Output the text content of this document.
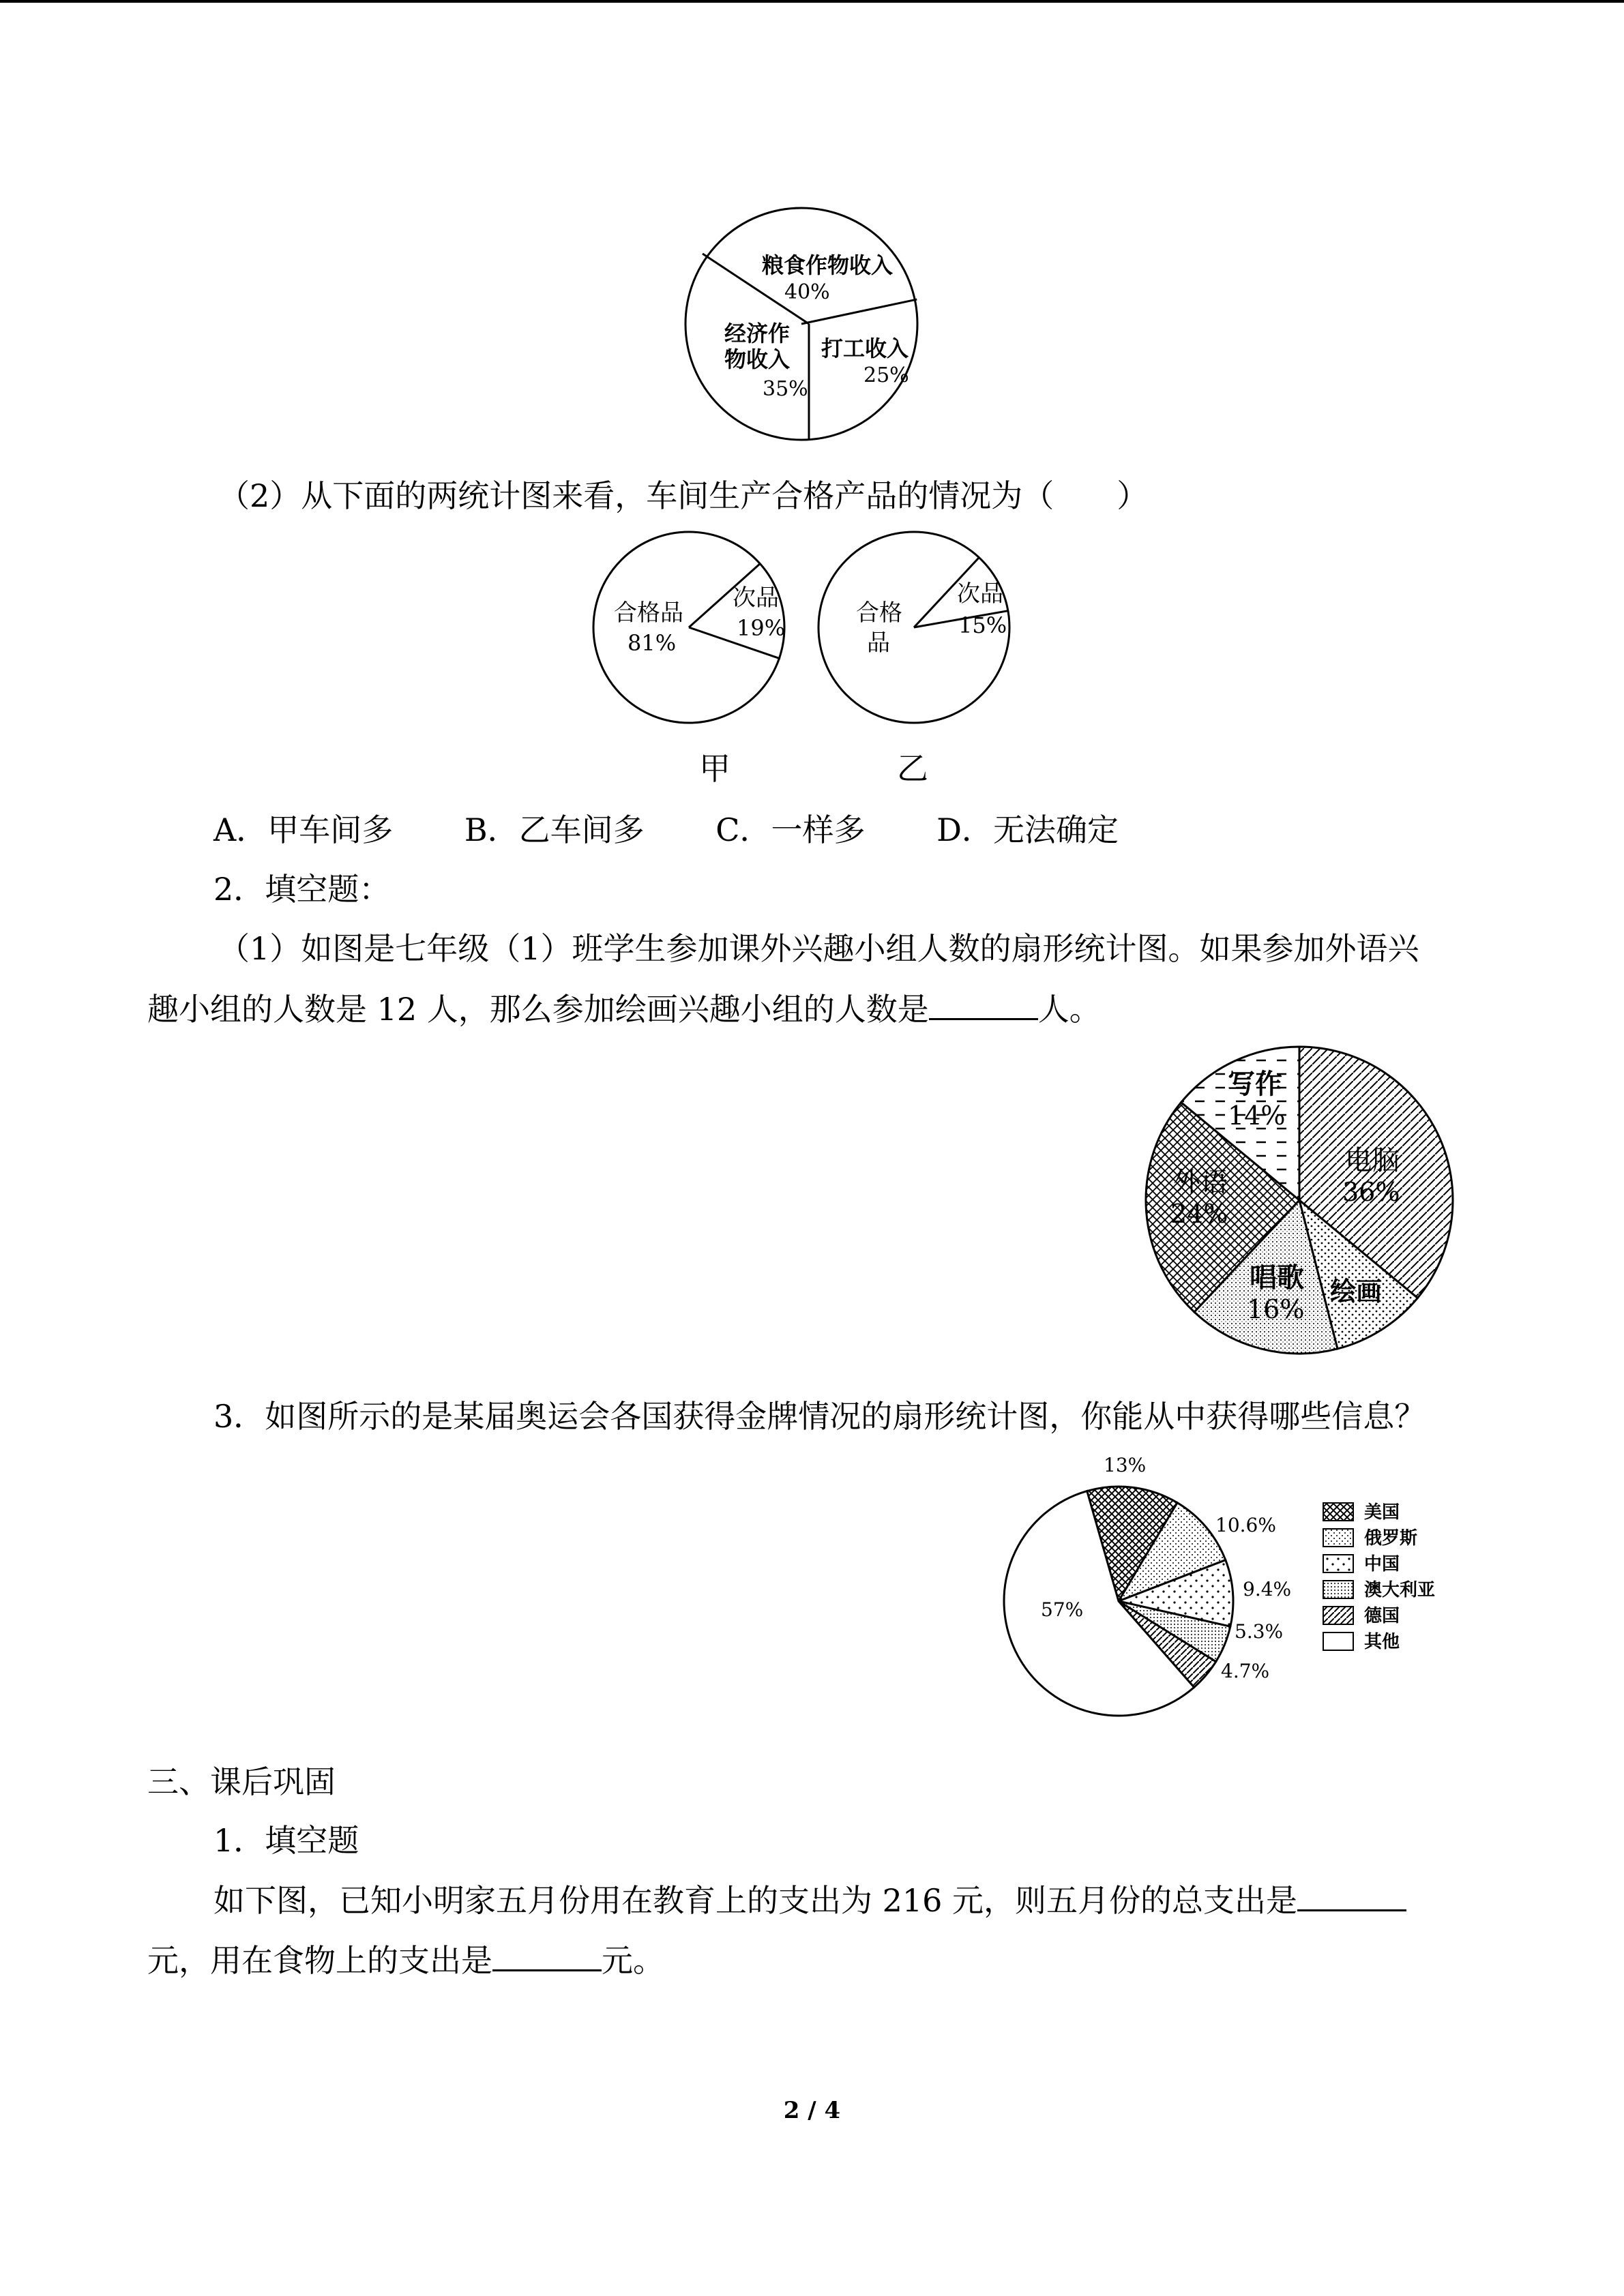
粮食作物收入
40%
打工收入
25%
经济作
物收入
35%
（2）从下面的两统计图来看，车间生产合格产品的情况为（　　）
合格品
81%
次品
19%
合格
品
次品
15%
甲	乙
A．甲车间多 B．乙车间多 C．一样多 D．无法确定
2．填空题：
（1）如图是七年级（1）班学生参加课外兴趣小组人数的扇形统计图。如果参加外语兴
趣小组的人数是 12 人，那么参加绘画兴趣小组的人数是	人。
电脑
36%
绘画
唱歌
16%
外语
24%
写作
14%
3．如图所示的是某届奥运会各国获得金牌情况的扇形统计图，你能从中获得哪些信息？
13%
10.6%
9.4%
5.3%
4.7%
57%
美国
俄罗斯
中国
澳大利亚
德国
其他
三、课后巩固
1．填空题
如下图，已知小明家五月份用在教育上的支出为 216 元，则五月份的总支出是
元，用在食物上的支出是	元。
2 / 4
